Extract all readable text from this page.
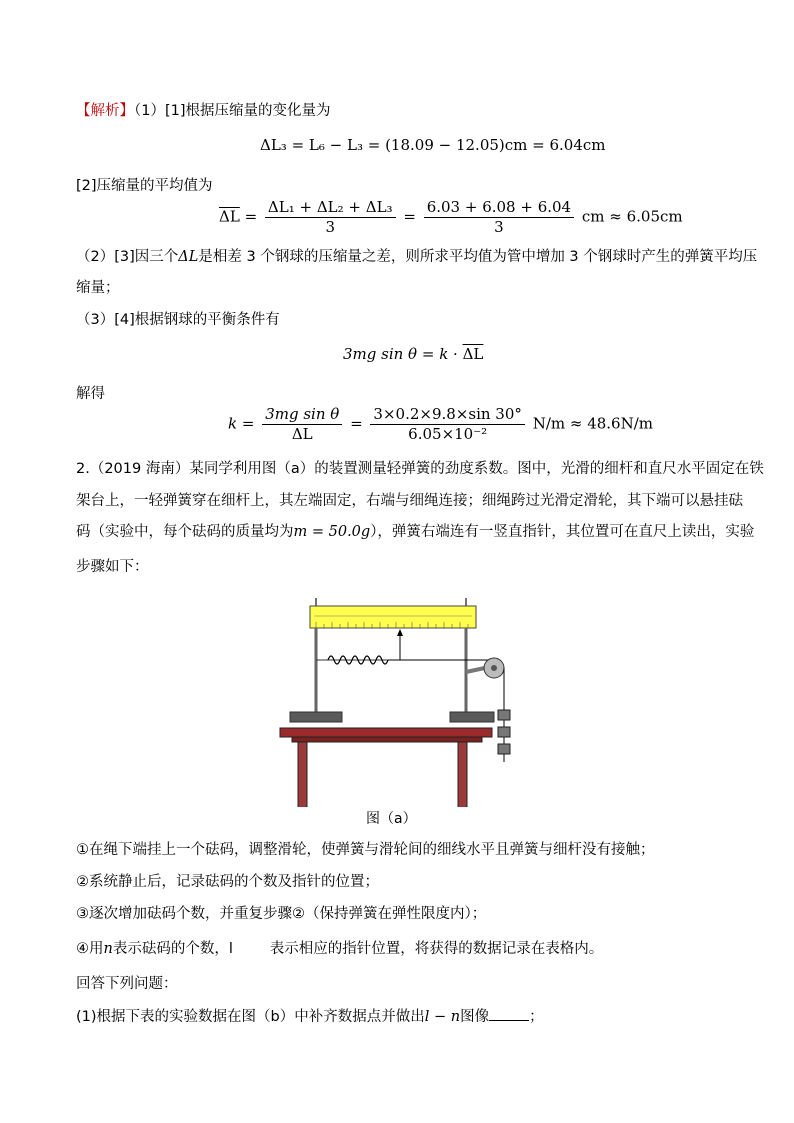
【解析】（1）[1]根据压缩量的变化量为
ΔL₃ = L₆ − L₃ = (18.09 − 12.05)cm = 6.04cm
[2]压缩量的平均值为
$\overline{\Delta L} = \frac{\text{ΔL₁ + ΔL₂ + ΔL₃}}{3} = \frac{6.03 + 6.08 + 6.04}{3}$ cm ≈ 6.05cm
（2）[3]因三个ΔL是相差 3 个钢球的压缩量之差，则所求平均值为管中增加 3 个钢球时产生的弹簧平均压
缩量；
（3）[4]根据钢球的平衡条件有
3mg $\sin \theta = k \cdot \overline{\Delta L}$
解得
$k = \frac{\text{3mg sin θ}}{\Delta L} = \frac{3\times 0.2\times 9.8\times\sin 30^\circ}{\text{6.05×10⁻²}} N/m \approx 48.6N/m$
2.（2019 海南）某同学利用图（a）的装置测量轻弹簧的劲度系数。图中，光滑的细杆和直尺水平固定在铁
架台上，一轻弹簧穿在细杆上，其左端固定，右端与细绳连接；细绳跨过光滑定滑轮，其下端可以悬挂砝
码（实验中，每个砝码的质量均为m = 50.0g），弹簧右端连有一竖直指针，其位置可在直尺上读出，实验
步骤如下：
图（a）
①在绳下端挂上一个砝码，调整滑轮，使弹簧与滑轮间的细线水平且弹簧与细杆没有接触；
②系统静止后，记录砝码的个数及指针的位置；
③逐次增加砝码个数，并重复步骤②（保持弹簧在弹性限度内）；
④用n表示砝码的个数，l	表示相应的指针位置，将获得的数据记录在表格内。
回答下列问题：
(1)根据下表的实验数据在图（b）中补齐数据点并做出l − n图像	；
